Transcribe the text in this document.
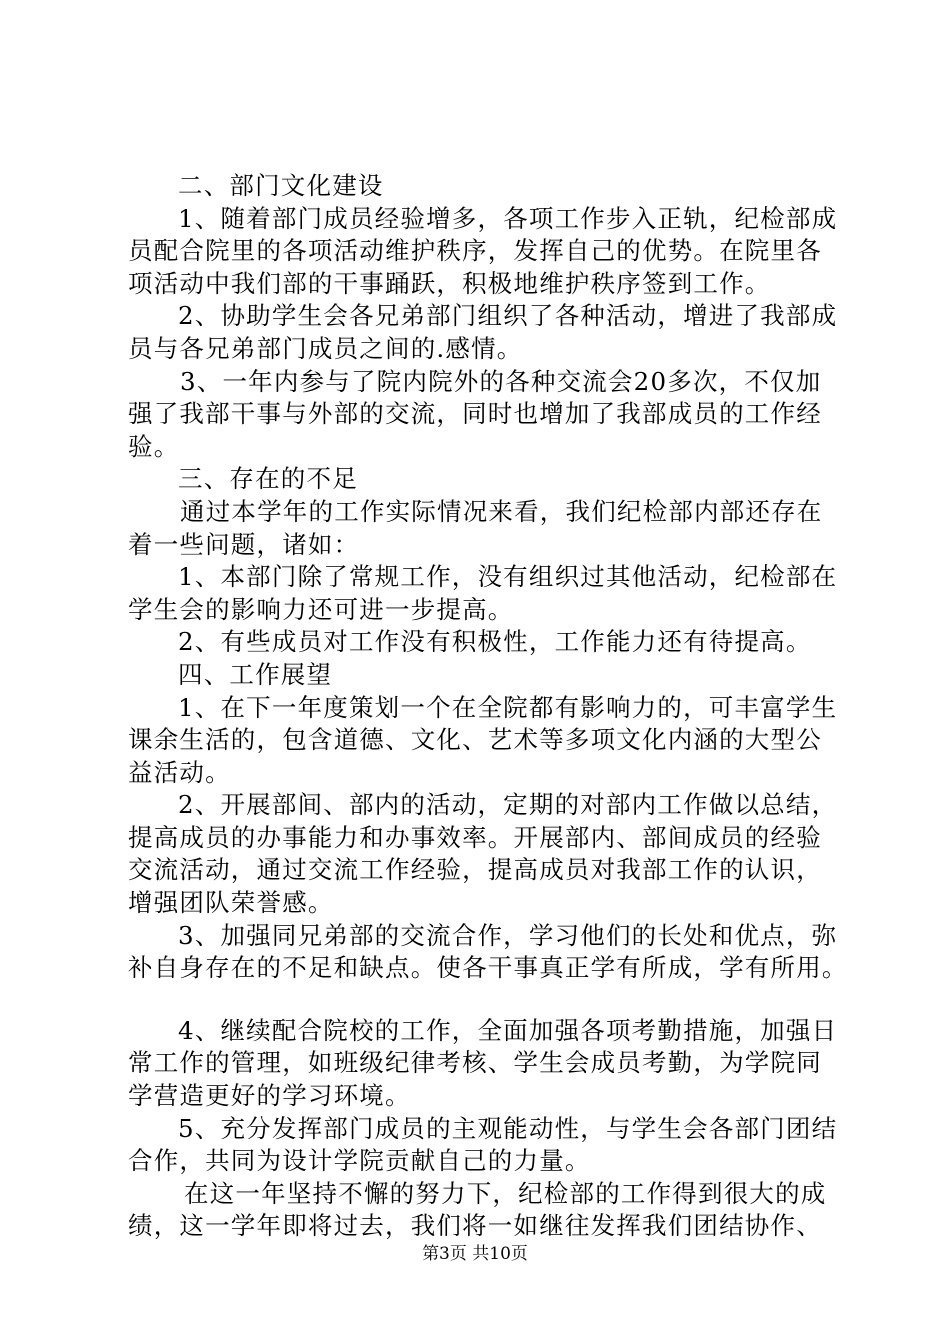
二、部门文化建设
1、随着部门成员经验增多，各项工作步入正轨，纪检部成
员配合院里的各项活动维护秩序，发挥自己的优势。在院里各
项活动中我们部的干事踊跃，积极地维护秩序签到工作。
2、协助学生会各兄弟部门组织了各种活动，增进了我部成
员与各兄弟部门成员之间的.感情。
3、一年内参与了院内院外的各种交流会20多次，不仅加
强了我部干事与外部的交流，同时也增加了我部成员的工作经
验。
三、存在的不足
通过本学年的工作实际情况来看，我们纪检部内部还存在
着一些问题，诸如：
1、本部门除了常规工作，没有组织过其他活动，纪检部在
学生会的影响力还可进一步提高。
2、有些成员对工作没有积极性，工作能力还有待提高。
四、工作展望
1、在下一年度策划一个在全院都有影响力的，可丰富学生
课余生活的，包含道德、文化、艺术等多项文化内涵的大型公
益活动。
2、开展部间、部内的活动，定期的对部内工作做以总结，
提高成员的办事能力和办事效率。开展部内、部间成员的经验
交流活动，通过交流工作经验，提高成员对我部工作的认识，
增强团队荣誉感。
3、加强同兄弟部的交流合作，学习他们的长处和优点，弥
补自身存在的不足和缺点。使各干事真正学有所成，学有所用。
4、继续配合院校的工作，全面加强各项考勤措施，加强日
常工作的管理，如班级纪律考核、学生会成员考勤，为学院同
学营造更好的学习环境。
5、充分发挥部门成员的主观能动性，与学生会各部门团结
合作，共同为设计学院贡献自己的力量。
在这一年坚持不懈的努力下，纪检部的工作得到很大的成
绩，这一学年即将过去，我们将一如继往发挥我们团结协作、
第3页 共10页
